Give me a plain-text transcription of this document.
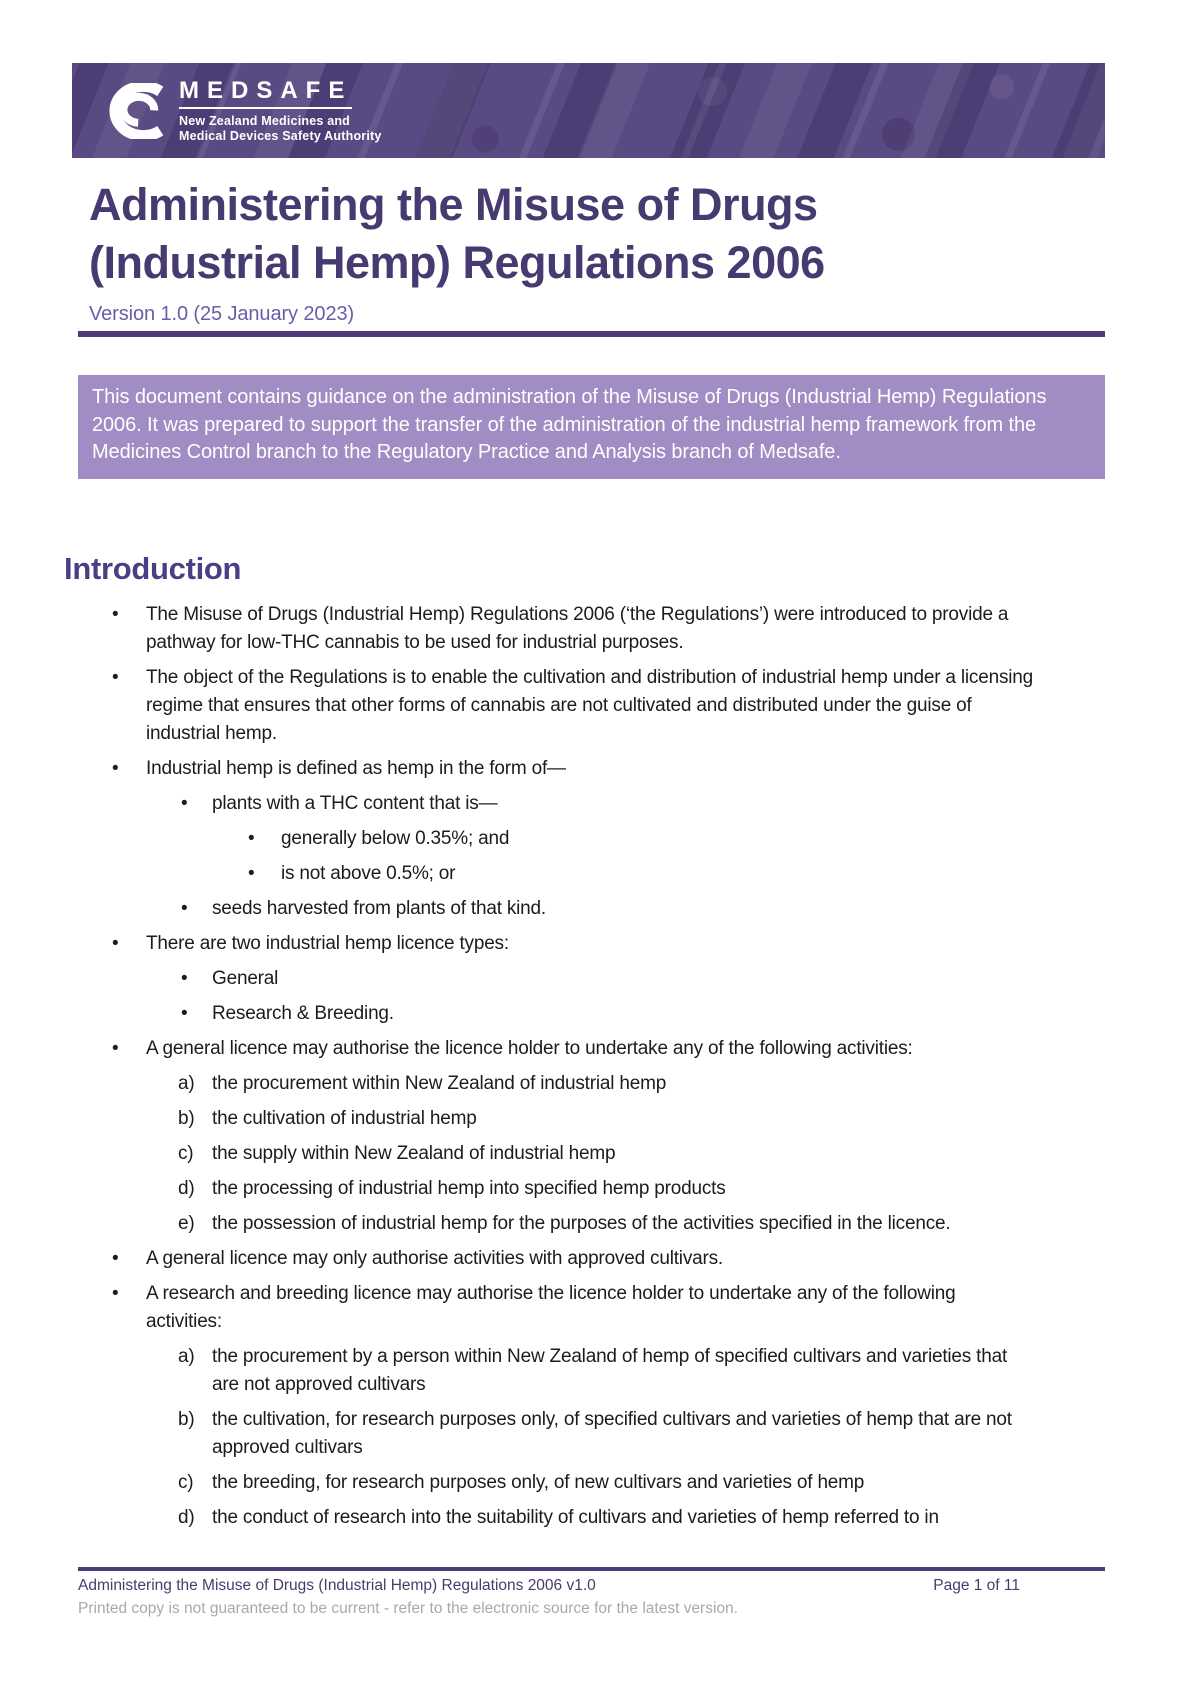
MEDSAFE
New Zealand Medicines and
Medical Devices Safety Authority
Administering the Misuse of Drugs
(Industrial Hemp) Regulations 2006
Version 1.0 (25 January 2023)

This document contains guidance on the administration of the Misuse of Drugs (Industrial Hemp) Regulations 2006. It was prepared to support the transfer of the administration of the industrial hemp framework from the Medicines Control branch to the Regulatory Practice and Analysis branch of Medsafe.

Introduction
•	The Misuse of Drugs (Industrial Hemp) Regulations 2006 (‘the Regulations’) were introduced to provide a pathway for low-THC cannabis to be used for industrial purposes.
•	The object of the Regulations is to enable the cultivation and distribution of industrial hemp under a licensing regime that ensures that other forms of cannabis are not cultivated and distributed under the guise of industrial hemp.
•	Industrial hemp is defined as hemp in the form of—
•	plants with a THC content that is—
•	generally below 0.35%; and
•	is not above 0.5%; or
•	seeds harvested from plants of that kind.
•	There are two industrial hemp licence types:
•	General
•	Research & Breeding.
•	A general licence may authorise the licence holder to undertake any of the following activities:
a) the procurement within New Zealand of industrial hemp
b) the cultivation of industrial hemp
c) the supply within New Zealand of industrial hemp
d) the processing of industrial hemp into specified hemp products
e) the possession of industrial hemp for the purposes of the activities specified in the licence.
•	A general licence may only authorise activities with approved cultivars.
•	A research and breeding licence may authorise the licence holder to undertake any of the following activities:
a) the procurement by a person within New Zealand of hemp of specified cultivars and varieties that are not approved cultivars
b) the cultivation, for research purposes only, of specified cultivars and varieties of hemp that are not approved cultivars
c) the breeding, for research purposes only, of new cultivars and varieties of hemp
d) the conduct of research into the suitability of cultivars and varieties of hemp referred to in
Administering the Misuse of Drugs (Industrial Hemp) Regulations 2006 v1.0	Page 1 of 11
Printed copy is not guaranteed to be current - refer to the electronic source for the latest version.
